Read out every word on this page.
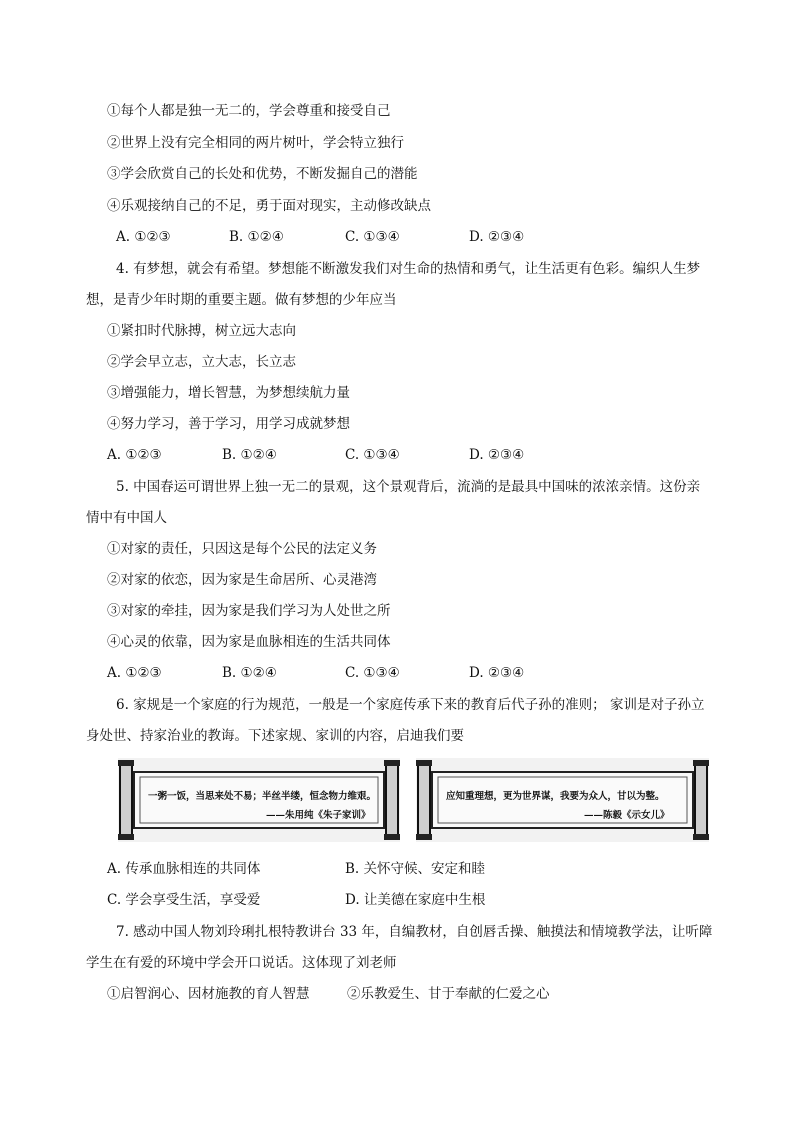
①每个人都是独一无二的，学会尊重和接受自己
②世界上没有完全相同的两片树叶，学会特立独行
③学会欣赏自己的长处和优势，不断发掘自己的潜能
④乐观接纳自己的不足，勇于面对现实，主动修改缺点
A. ①②③	B. ①②④	C. ①③④	D. ②③④
4. 有梦想，就会有希望。梦想能不断激发我们对生命的热情和勇气，让生活更有色彩。编织人生梦
想，是青少年时期的重要主题。做有梦想的少年应当
①紧扣时代脉搏，树立远大志向
②学会早立志，立大志，长立志
③增强能力，增长智慧，为梦想续航力量
④努力学习，善于学习，用学习成就梦想
A. ①②③	B. ①②④	C. ①③④	D. ②③④
5. 中国春运可谓世界上独一无二的景观，这个景观背后，流淌的是最具中国味的浓浓亲情。这份亲
情中有中国人
①对家的责任，只因这是每个公民的法定义务
②对家的依恋，因为家是生命居所、心灵港湾
③对家的牵挂，因为家是我们学习为人处世之所
④心灵的依靠，因为家是血脉相连的生活共同体
A. ①②③	B. ①②④	C. ①③④	D. ②③④
6. 家规是一个家庭的行为规范，一般是一个家庭传承下来的教育后代子孙的准则； 家训是对子孙立
身处世、持家治业的教诲。下述家规、家训的内容，启迪我们要
一粥一饭，当思来处不易；半丝半缕，恒念物力维艰。
——朱用纯《朱子家训》
应知重理想，更为世界谋，我要为众人，甘以为整。
——陈毅《示女儿》
A. 传承血脉相连的共同体	B. 关怀守候、安定和睦
C. 学会享受生活，享受爱	D. 让美德在家庭中生根
7. 感动中国人物刘玲琍扎根特教讲台 33 年，自编教材，自创唇舌操、触摸法和情境教学法，让听障
学生在有爱的环境中学会开口说话。这体现了刘老师
①启智润心、因材施教的育人智慧	②乐教爱生、甘于奉献的仁爱之心
